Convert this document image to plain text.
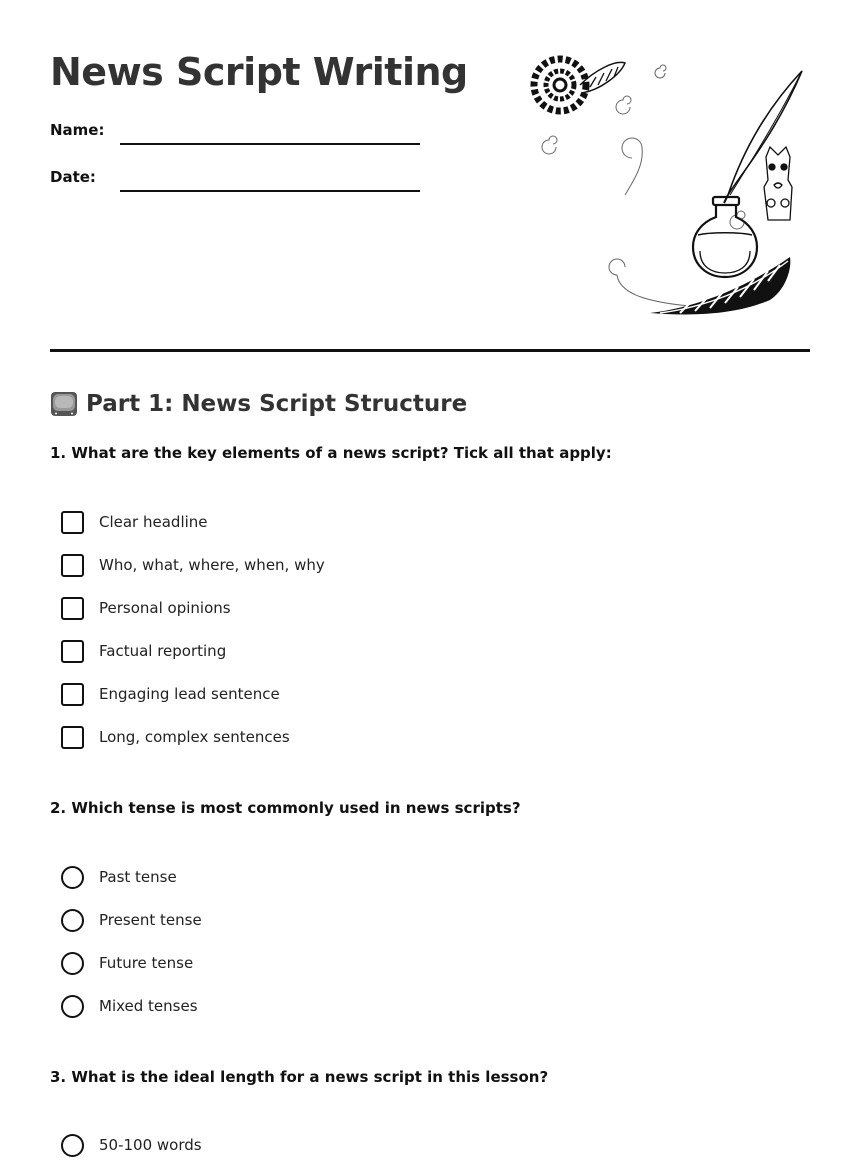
News Script Writing
Name:
Date:
Part 1: News Script Structure
1. What are the key elements of a news script? Tick all that apply:
Clear headline
Who, what, where, when, why
Personal opinions
Factual reporting
Engaging lead sentence
Long, complex sentences
2. Which tense is most commonly used in news scripts?
Past tense
Present tense
Future tense
Mixed tenses
3. What is the ideal length for a news script in this lesson?
50-100 words
